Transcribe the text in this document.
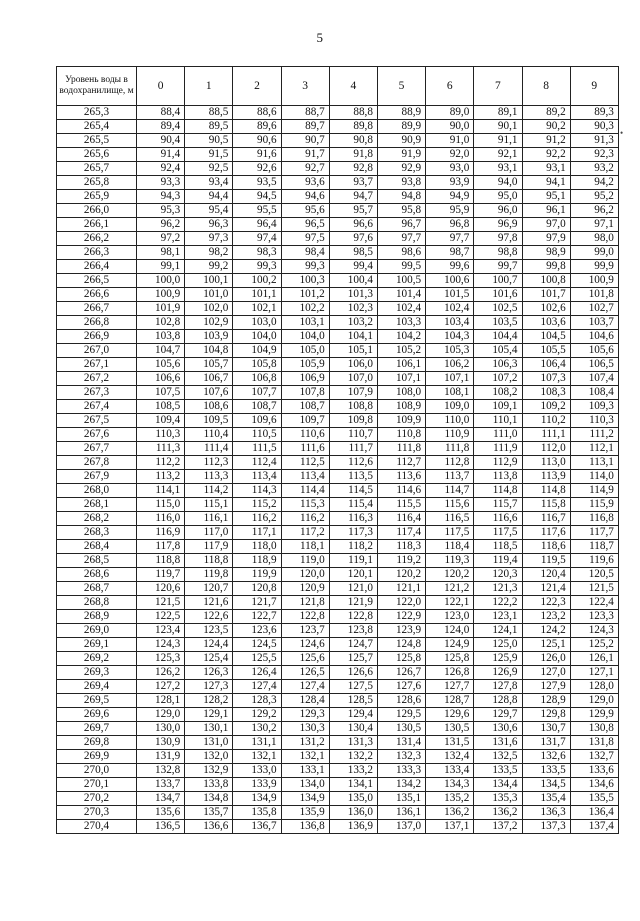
5
•
Уровень воды в водохранилище, м	0	1	2	3	4	5	6	7	8	9
265,3	88,4	88,5	88,6	88,7	88,8	88,9	89,0	89,1	89,2	89,3
265,4	89,4	89,5	89,6	89,7	89,8	89,9	90,0	90,1	90,2	90,3
265,5	90,4	90,5	90,6	90,7	90,8	90,9	91,0	91,1	91,2	91,3
265,6	91,4	91,5	91,6	91,7	91,8	91,9	92,0	92,1	92,2	92,3
265,7	92,4	92,5	92,6	92,7	92,8	92,9	93,0	93,1	93,1	93,2
265,8	93,3	93,4	93,5	93,6	93,7	93,8	93,9	94,0	94,1	94,2
265,9	94,3	94,4	94,5	94,6	94,7	94,8	94,9	95,0	95,1	95,2
266,0	95,3	95,4	95,5	95,6	95,7	95,8	95,9	96,0	96,1	96,2
266,1	96,2	96,3	96,4	96,5	96,6	96,7	96,8	96,9	97,0	97,1
266,2	97,2	97,3	97,4	97,5	97,6	97,7	97,7	97,8	97,9	98,0
266,3	98,1	98,2	98,3	98,4	98,5	98,6	98,7	98,8	98,9	99,0
266,4	99,1	99,2	99,3	99,3	99,4	99,5	99,6	99,7	99,8	99,9
266,5	100,0	100,1	100,2	100,3	100,4	100,5	100,6	100,7	100,8	100,9
266,6	100,9	101,0	101,1	101,2	101,3	101,4	101,5	101,6	101,7	101,8
266,7	101,9	102,0	102,1	102,2	102,3	102,4	102,4	102,5	102,6	102,7
266,8	102,8	102,9	103,0	103,1	103,2	103,3	103,4	103,5	103,6	103,7
266,9	103,8	103,9	104,0	104,0	104,1	104,2	104,3	104,4	104,5	104,6
267,0	104,7	104,8	104,9	105,0	105,1	105,2	105,3	105,4	105,5	105,6
267,1	105,6	105,7	105,8	105,9	106,0	106,1	106,2	106,3	106,4	106,5
267,2	106,6	106,7	106,8	106,9	107,0	107,1	107,1	107,2	107,3	107,4
267,3	107,5	107,6	107,7	107,8	107,9	108,0	108,1	108,2	108,3	108,4
267,4	108,5	108,6	108,7	108,7	108,8	108,9	109,0	109,1	109,2	109,3
267,5	109,4	109,5	109,6	109,7	109,8	109,9	110,0	110,1	110,2	110,3
267,6	110,3	110,4	110,5	110,6	110,7	110,8	110,9	111,0	111,1	111,2
267,7	111,3	111,4	111,5	111,6	111,7	111,8	111,8	111,9	112,0	112,1
267,8	112,2	112,3	112,4	112,5	112,6	112,7	112,8	112,9	113,0	113,1
267,9	113,2	113,3	113,4	113,4	113,5	113,6	113,7	113,8	113,9	114,0
268,0	114,1	114,2	114,3	114,4	114,5	114,6	114,7	114,8	114,8	114,9
268,1	115,0	115,1	115,2	115,3	115,4	115,5	115,6	115,7	115,8	115,9
268,2	116,0	116,1	116,2	116,2	116,3	116,4	116,5	116,6	116,7	116,8
268,3	116,9	117,0	117,1	117,2	117,3	117,4	117,5	117,5	117,6	117,7
268,4	117,8	117,9	118,0	118,1	118,2	118,3	118,4	118,5	118,6	118,7
268,5	118,8	118,8	118,9	119,0	119,1	119,2	119,3	119,4	119,5	119,6
268,6	119,7	119,8	119,9	120,0	120,1	120,2	120,2	120,3	120,4	120,5
268,7	120,6	120,7	120,8	120,9	121,0	121,1	121,2	121,3	121,4	121,5
268,8	121,5	121,6	121,7	121,8	121,9	122,0	122,1	122,2	122,3	122,4
268,9	122,5	122,6	122,7	122,8	122,8	122,9	123,0	123,1	123,2	123,3
269,0	123,4	123,5	123,6	123,7	123,8	123,9	124,0	124,1	124,2	124,3
269,1	124,3	124,4	124,5	124,6	124,7	124,8	124,9	125,0	125,1	125,2
269,2	125,3	125,4	125,5	125,6	125,7	125,8	125,8	125,9	126,0	126,1
269,3	126,2	126,3	126,4	126,5	126,6	126,7	126,8	126,9	127,0	127,1
269,4	127,2	127,3	127,4	127,4	127,5	127,6	127,7	127,8	127,9	128,0
269,5	128,1	128,2	128,3	128,4	128,5	128,6	128,7	128,8	128,9	129,0
269,6	129,0	129,1	129,2	129,3	129,4	129,5	129,6	129,7	129,8	129,9
269,7	130,0	130,1	130,2	130,3	130,4	130,5	130,5	130,6	130,7	130,8
269,8	130,9	131,0	131,1	131,2	131,3	131,4	131,5	131,6	131,7	131,8
269,9	131,9	132,0	132,1	132,1	132,2	132,3	132,4	132,5	132,6	132,7
270,0	132,8	132,9	133,0	133,1	133,2	133,3	133,4	133,5	133,5	133,6
270,1	133,7	133,8	133,9	134,0	134,1	134,2	134,3	134,4	134,5	134,6
270,2	134,7	134,8	134,9	134,9	135,0	135,1	135,2	135,3	135,4	135,5
270,3	135,6	135,7	135,8	135,9	136,0	136,1	136,2	136,2	136,3	136,4
270,4	136,5	136,6	136,7	136,8	136,9	137,0	137,1	137,2	137,3	137,4
